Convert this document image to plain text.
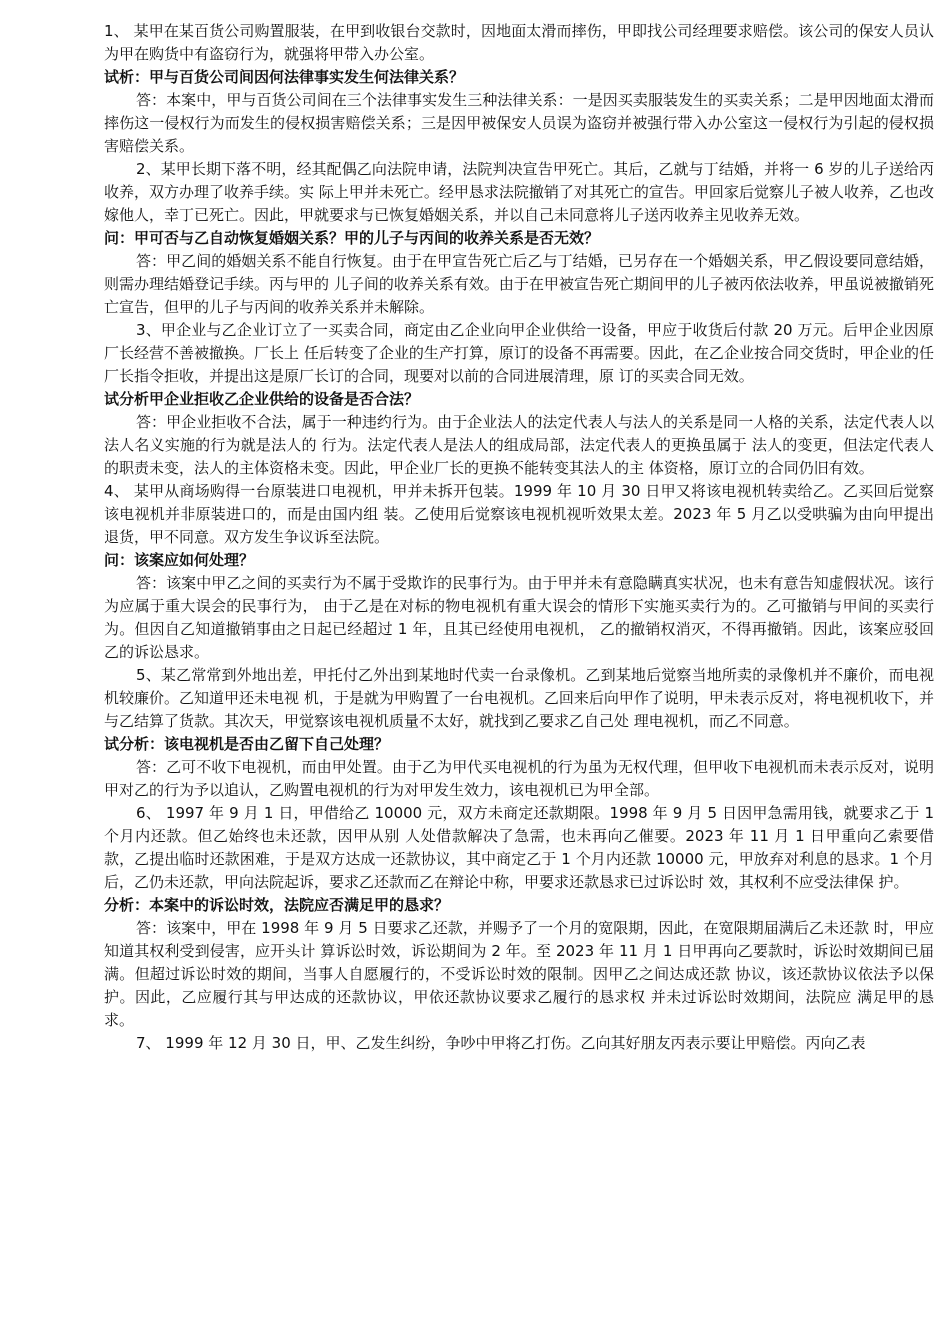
1、 某甲在某百货公司购置服装，在甲到收银台交款时，因地面太滑而摔伤，甲即找公司经理要求赔偿。该公司的保安人员认为甲在购货中有盗窃行为，就强将甲带入办公室。

试析：甲与百货公司间因何法律事实发生何法律关系？

答：本案中，甲与百货公司间在三个法律事实发生三种法律关系：一是因买卖服装发生的买卖关系；二是甲因地面太滑而摔伤这一侵权行为而发生的侵权损害赔偿关系；三是因甲被保安人员误为盗窃并被强行带入办公室这一侵权行为引起的侵权损害赔偿关系。

2、某甲长期下落不明，经其配偶乙向法院申请，法院判决宣告甲死亡。其后，乙就与丁结婚，并将一 6 岁的儿子送给丙收养，双方办理了收养手续。实 际上甲并未死亡。经甲恳求法院撤销了对其死亡的宣告。甲回家后觉察儿子被人收养，乙也改嫁他人，幸丁已死亡。因此，甲就要求与已恢复婚姻关系，并以自己未同意将儿子送丙收养主见收养无效。

问：甲可否与乙自动恢复婚姻关系？甲的儿子与丙间的收养关系是否无效？

答：甲乙间的婚姻关系不能自行恢复。由于在甲宣告死亡后乙与丁结婚，已另存在一个婚姻关系，甲乙假设要同意结婚，则需办理结婚登记手续。丙与甲的 儿子间的收养关系有效。由于在甲被宣告死亡期间甲的儿子被丙依法收养，甲虽说被撤销死亡宣告，但甲的儿子与丙间的收养关系并未解除。

3、甲企业与乙企业订立了一买卖合同，商定由乙企业向甲企业供给一设备，甲应于收货后付款 20 万元。后甲企业因原厂长经营不善被撤换。厂长上 任后转变了企业的生产打算，原订的设备不再需要。因此，在乙企业按合同交货时，甲企业的任厂长指令拒收，并提出这是原厂长订的合同，现要对以前的合同进展清理，原 订的买卖合同无效。

试分析甲企业拒收乙企业供给的设备是否合法？

答：甲企业拒收不合法，属于一种违约行为。由于企业法人的法定代表人与法人的关系是同一人格的关系，法定代表人以法人名义实施的行为就是法人的 行为。法定代表人是法人的组成局部，法定代表人的更换虽属于 法人的变更，但法定代表人的职责未变，法人的主体资格未变。因此，甲企业厂长的更换不能转变其法人的主 体资格，原订立的合同仍旧有效。

4、 某甲从商场购得一台原装进口电视机，甲并未拆开包装。1999 年 10 月 30 日甲又将该电视机转卖给乙。乙买回后觉察该电视机并非原装进口的，而是由国内组 装。乙使用后觉察该电视机视听效果太差。2023 年 5 月乙以受哄骗为由向甲提出退货，甲不同意。双方发生争议诉至法院。

问：该案应如何处理？

答：该案中甲乙之间的买卖行为不属于受欺诈的民事行为。由于甲并未有意隐瞒真实状况，也未有意告知虚假状况。该行为应属于重大误会的民事行为， 由于乙是在对标的物电视机有重大误会的情形下实施买卖行为的。乙可撤销与甲间的买卖行为。但因自乙知道撤销事由之日起已经超过 1 年，且其已经使用电视机， 乙的撤销权消灭，不得再撤销。因此，该案应驳回乙的诉讼恳求。

5、某乙常常到外地出差，甲托付乙外出到某地时代卖一台录像机。乙到某地后觉察当地所卖的录像机并不廉价，而电视机较廉价。乙知道甲还未电视 机，于是就为甲购置了一台电视机。乙回来后向甲作了说明，甲未表示反对，将电视机收下，并与乙结算了货款。其次天，甲觉察该电视机质量不太好，就找到乙要求乙自己处 理电视机，而乙不同意。

试分析：该电视机是否由乙留下自己处理？

答：乙可不收下电视机，而由甲处置。由于乙为甲代买电视机的行为虽为无权代理，但甲收下电视机而未表示反对，说明甲对乙的行为予以追认，乙购置电视机的行为对甲发生效力，该电视机已为甲全部。

6、 1997 年 9 月 1 日，甲借给乙 10000 元，双方未商定还款期限。1998 年 9 月 5 日因甲急需用钱，就要求乙于 1 个月内还款。但乙始终也未还款，因甲从别 人处借款解决了急需，也未再向乙催要。2023 年 11 月 1 日甲重向乙索要借款，乙提出临时还款困难，于是双方达成一还款协议，其中商定乙于 1 个月内还款 10000 元，甲放弃对利息的恳求。1 个月后，乙仍未还款，甲向法院起诉，要求乙还款而乙在辩论中称，甲要求还款恳求已过诉讼时 效，其权利不应受法律保 护。

分析：本案中的诉讼时效，法院应否满足甲的恳求？

答：该案中，甲在 1998 年 9 月 5 日要求乙还款，并赐予了一个月的宽限期，因此，在宽限期届满后乙未还款 时，甲应知道其权利受到侵害，应开头计 算诉讼时效，诉讼期间为 2 年。至 2023 年 11 月 1 日甲再向乙要款时，诉讼时效期间已届满。但超过诉讼时效的期间，当事人自愿履行的，不受诉讼时效的限制。因甲乙之间达成还款 协议，该还款协议依法予以保护。因此，乙应履行其与甲达成的还款协议，甲依还款协议要求乙履行的恳求权 并未过诉讼时效期间，法院应 满足甲的恳求。

7、 1999 年 12 月 30 日，甲、乙发生纠纷，争吵中甲将乙打伤。乙向其好朋友丙表示要让甲赔偿。丙向乙表
